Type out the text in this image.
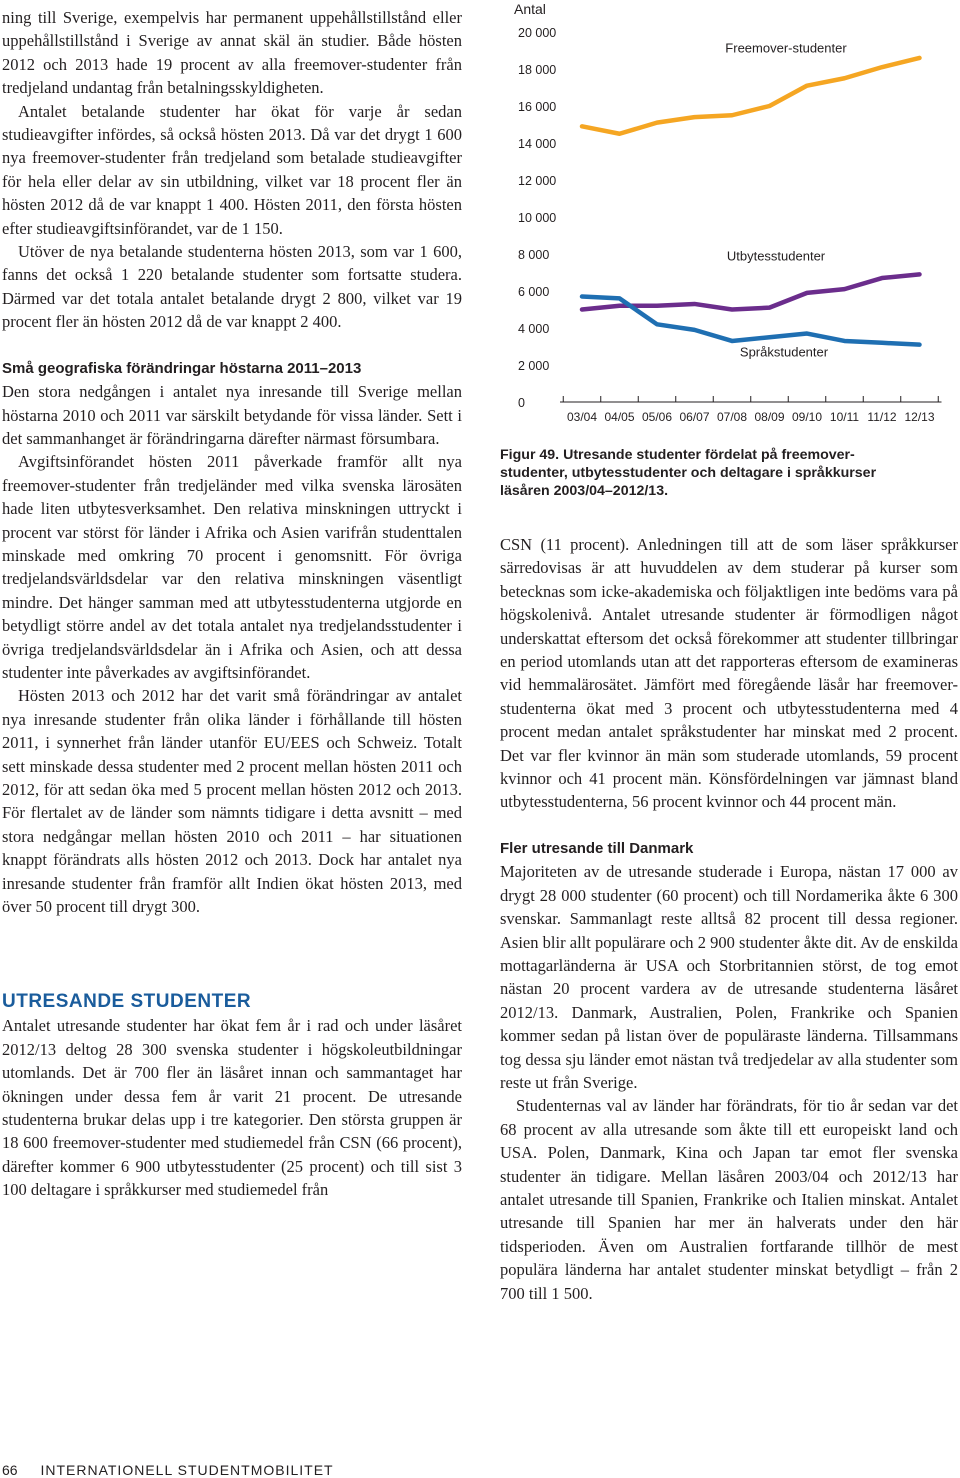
ning till Sverige, exempelvis har permanent uppehållstillstånd eller uppehållstillstånd i Sverige av annat skäl än studier. Både hösten 2012 och 2013 hade 19 procent av alla freemover-studenter från tredjeland undantag från betalningsskyldigheten.

Antalet betalande studenter har ökat för varje år sedan studieavgifter infördes, så också hösten 2013. Då var det drygt 1 600 nya freemover-studenter från tredjeland som betalade studieavgifter för hela eller delar av sin utbildning, vilket var 18 procent fler än hösten 2012 då de var knappt 1 400. Hösten 2011, den första hösten efter studieavgiftsinförandet, var de 1 150.

Utöver de nya betalande studenterna hösten 2013, som var 1 600, fanns det också 1 220 betalande studenter som fortsatte studera. Därmed var det totala antalet betalande drygt 2 800, vilket var 19 procent fler än hösten 2012 då de var knappt 2 400.

Små geografiska förändringar höstarna 2011–2013

Den stora nedgången i antalet nya inresande till Sverige mellan höstarna 2010 och 2011 var särskilt betydande för vissa länder. Sett i det sammanhanget är förändringarna därefter närmast försumbara.

Avgiftsinförandet hösten 2011 påverkade framför allt nya freemover-studenter från tredjeländer med vilka svenska lärosäten hade liten utbytesverksamhet. Den relativa minskningen uttryckt i procent var störst för länder i Afrika och Asien varifrån studenttalen minskade med omkring 70 procent i genomsnitt. För övriga tredjelandsvärldsdelar var den relativa minskningen väsentligt mindre. Det hänger samman med att utbytesstudenterna utgjorde en betydligt större andel av det totala antalet nya tredjelandsstudenter i övriga tredjelandsvärldsdelar än i Afrika och Asien, och att dessa studenter inte påverkades av avgiftsinförandet.

Hösten 2013 och 2012 har det varit små förändringar av antalet nya inresande studenter från olika länder i förhållande till hösten 2011, i synnerhet från länder utanför EU/EES och Schweiz. Totalt sett minskade dessa studenter med 2 procent mellan hösten 2011 och 2012, för att sedan öka med 5 procent mellan hösten 2012 och 2013. För flertalet av de länder som nämnts tidigare i detta avsnitt – med stora nedgångar mellan hösten 2010 och 2011 – har situationen knappt förändrats alls hösten 2012 och 2013. Dock har antalet nya inresande studenter från framför allt Indien ökat hösten 2013, med över 50 procent till drygt 300.

UTRESANDE STUDENTER

Antalet utresande studenter har ökat fem år i rad och under läsåret 2012/13 deltog 28 300 svenska studenter i högskoleutbildningar utomlands. Det är 700 fler än läsåret innan och sammantaget har ökningen under dessa fem år varit 21 procent. De utresande studenterna brukar delas upp i tre kategorier. Den största gruppen är 18 600 freemover-studenter med studiemedel från CSN (66 procent), därefter kommer 6 900 utbytesstudenter (25 procent) och till sist 3 100 deltagare i språkkurser med studiemedel från

Antal
0
2 000
4 000
6 000
8 000
10 000
12 000
14 000
16 000
18 000
20 000
03/04 04/05 05/06 06/07 07/08 08/09 09/10 10/11 11/12 12/13
Freemover-studenter
Utbytesstudenter
Språkstudenter

Figur 49. Utresande studenter fördelat på freemover-studenter, utbytesstudenter och deltagare i språkkurser läsåren 2003/04–2012/13.

CSN (11 procent). Anledningen till att de som läser språkkurser särredovisas är att huvuddelen av dem studerar på kurser som betecknas som icke-akademiska och följaktligen inte bedöms vara på högskolenivå. Antalet utresande studenter är förmodligen något underskattat eftersom det också förekommer att studenter tillbringar en period utomlands utan att det rapporteras eftersom de examineras vid hemmalärosätet. Jämfört med föregående läsår har freemover-studenterna ökat med 3 procent och utbytesstudenterna med 4 procent medan antalet språkstudenter har minskat med 2 procent. Det var fler kvinnor än män som studerade utomlands, 59 procent kvinnor och 41 procent män. Könsfördelningen var jämnast bland utbytesstudenterna, 56 procent kvinnor och 44 procent män.

Fler utresande till Danmark

Majoriteten av de utresande studerade i Europa, nästan 17 000 av drygt 28 000 studenter (60 procent) och till Nordamerika åkte 6 300 svenskar. Sammanlagt reste alltså 82 procent till dessa regioner. Asien blir allt populärare och 2 900 studenter åkte dit. Av de enskilda mottagarländerna är USA och Storbritannien störst, de tog emot nästan 20 procent vardera av de utresande studenterna läsåret 2012/13. Danmark, Australien, Polen, Frankrike och Spanien kommer sedan på listan över de populäraste länderna. Tillsammans tog dessa sju länder emot nästan två tredjedelar av alla studenter som reste ut från Sverige.

Studenternas val av länder har förändrats, för tio år sedan var det 68 procent av alla utresande som åkte till ett europeiskt land och USA. Polen, Danmark, Kina och Japan tar emot fler svenska studenter än tidigare. Mellan läsåren 2003/04 och 2012/13 har antalet utresande till Spanien, Frankrike och Italien minskat. Antalet utresande till Spanien har mer än halverats under den här tidsperioden. Även om Australien fortfarande tillhör de mest populära länderna har antalet studenter minskat betydligt – från 2 700 till 1 500.

66 INTERNATIONELL STUDENTMOBILITET
